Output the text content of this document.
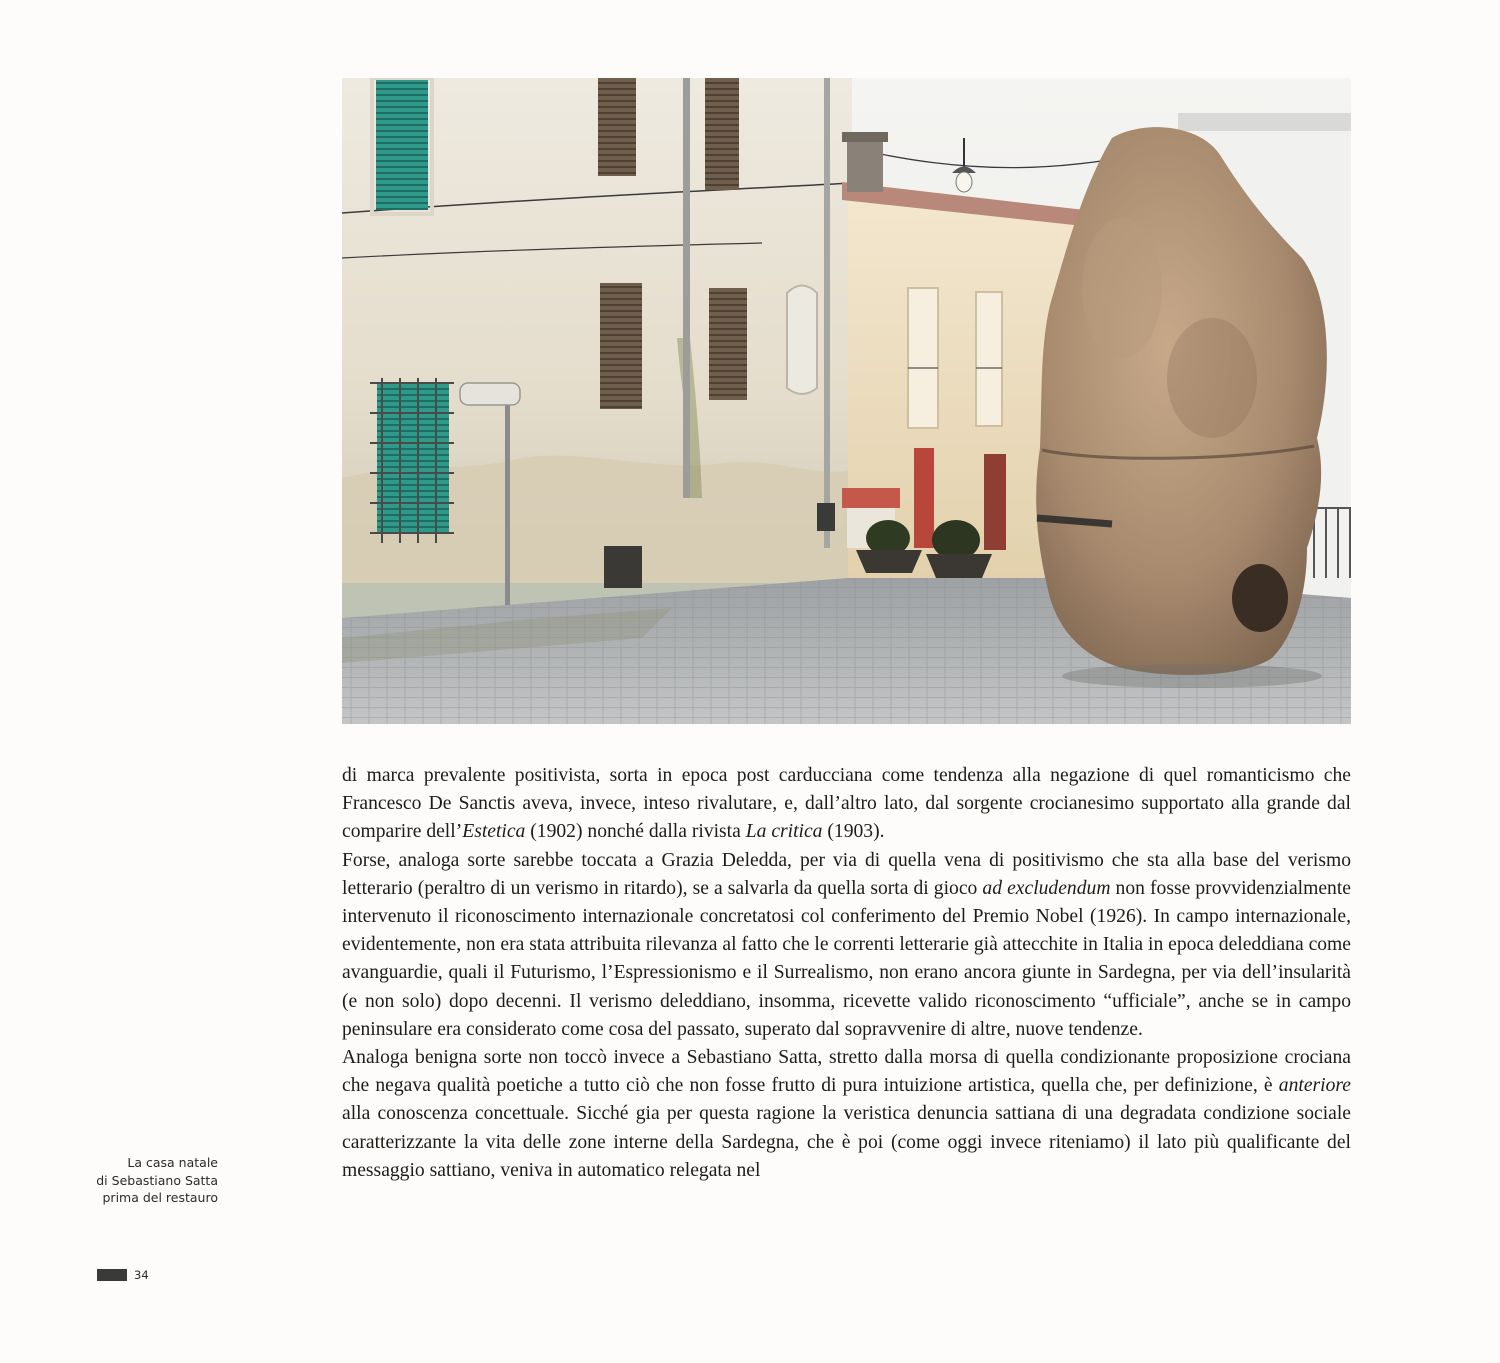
di marca prevalente positivista, sorta in epoca post carducciana come tendenza alla negazione di quel romanticismo che Francesco De Sanctis aveva, invece, inteso rivalutare, e, dall’altro lato, dal sorgente crocianesimo supportato alla grande dal comparire dell’Estetica (1902) nonché dalla rivista La critica (1903).

Forse, analoga sorte sarebbe toccata a Grazia Deledda, per via di quella vena di positivismo che sta alla base del verismo letterario (peraltro di un verismo in ritardo), se a salvarla da quella sorta di gioco ad excludendum non fosse provvidenzialmente intervenuto il riconoscimento internazionale concretatosi col conferimento del Premio Nobel (1926). In campo internazionale, evidentemente, non era stata attribuita rilevanza al fatto che le correnti letterarie già attecchite in Italia in epoca deleddiana come avanguardie, quali il Futurismo, l’Espressionismo e il Surrealismo, non erano ancora giunte in Sardegna, per via dell’insularità (e non solo) dopo decenni. Il verismo deleddiano, insomma, ricevette valido riconoscimento “ufficiale”, anche se in campo peninsulare era considerato come cosa del passato, superato dal sopravvenire di altre, nuove tendenze.

Analoga benigna sorte non toccò invece a Sebastiano Satta, stretto dalla morsa di quella condizionante proposizione crociana che negava qualità poetiche a tutto ciò che non fosse frutto di pura intuizione artistica, quella che, per definizione, è anteriore alla conoscenza concettuale. Sicché gia per questa ragione la veristica denuncia sattiana di una degradata condizione sociale caratterizzante la vita delle zone interne della Sardegna, che è poi (come oggi invece riteniamo) il lato più qualificante del messaggio sattiano, veniva in automatico relegata nel

La casa natale
di Sebastiano Satta
prima del restauro
34
